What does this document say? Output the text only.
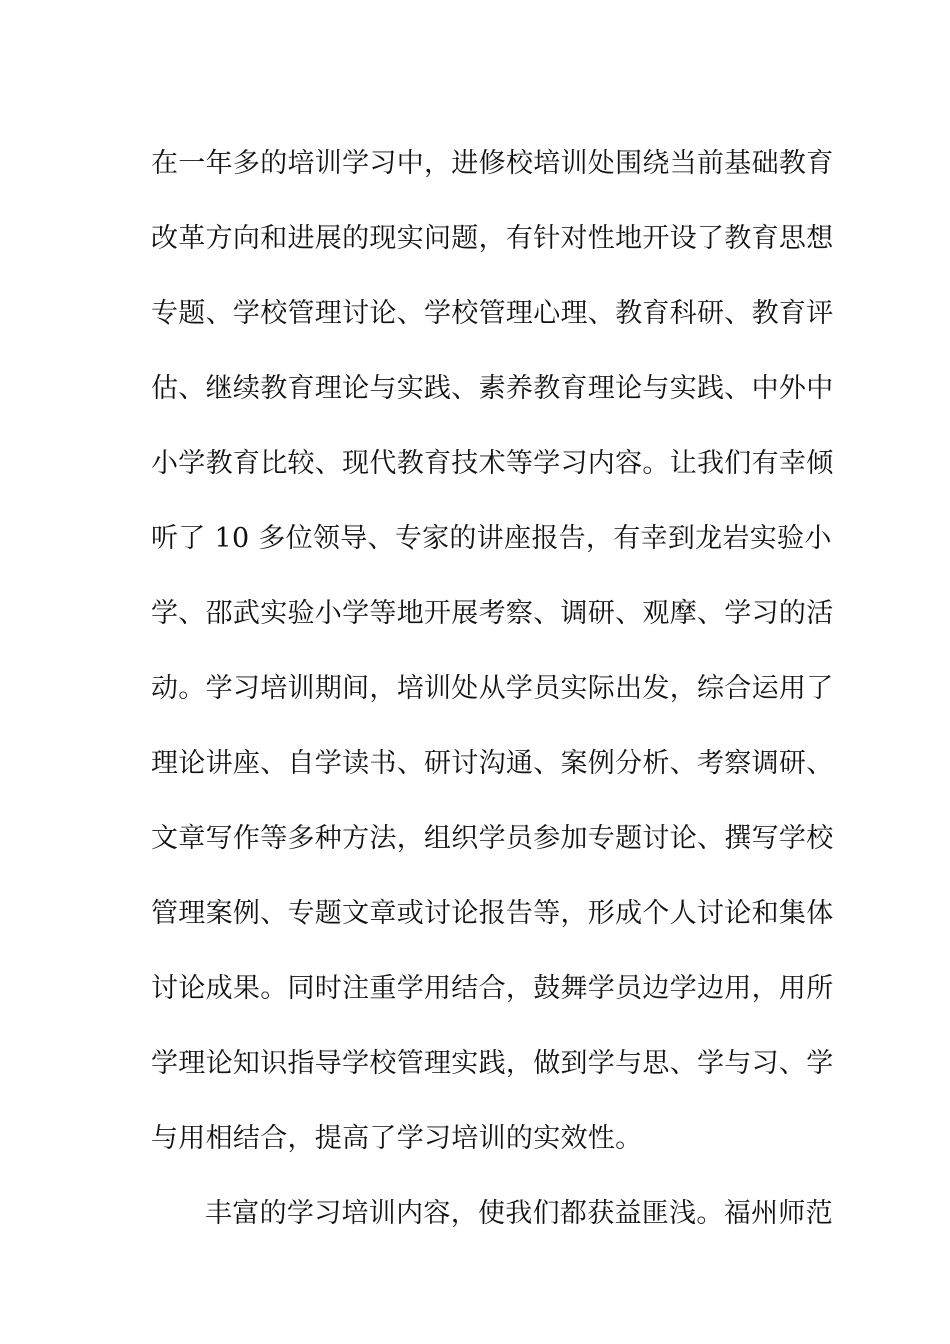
在一年多的培训学习中，进修校培训处围绕当前基础教育
改革方向和进展的现实问题，有针对性地开设了教育思想
专题、学校管理讨论、学校管理心理、教育科研、教育评
估、继续教育理论与实践、素养教育理论与实践、中外中
小学教育比较、现代教育技术等学习内容。让我们有幸倾
听了 10 多位领导、专家的讲座报告，有幸到龙岩实验小
学、邵武实验小学等地开展考察、调研、观摩、学习的活
动。学习培训期间，培训处从学员实际出发，综合运用了
理论讲座、自学读书、研讨沟通、案例分析、考察调研、
文章写作等多种方法，组织学员参加专题讨论、撰写学校
管理案例、专题文章或讨论报告等，形成个人讨论和集体
讨论成果。同时注重学用结合，鼓舞学员边学边用，用所
学理论知识指导学校管理实践，做到学与思、学与习、学
与用相结合，提高了学习培训的实效性。
丰富的学习培训内容，使我们都获益匪浅。福州师范
